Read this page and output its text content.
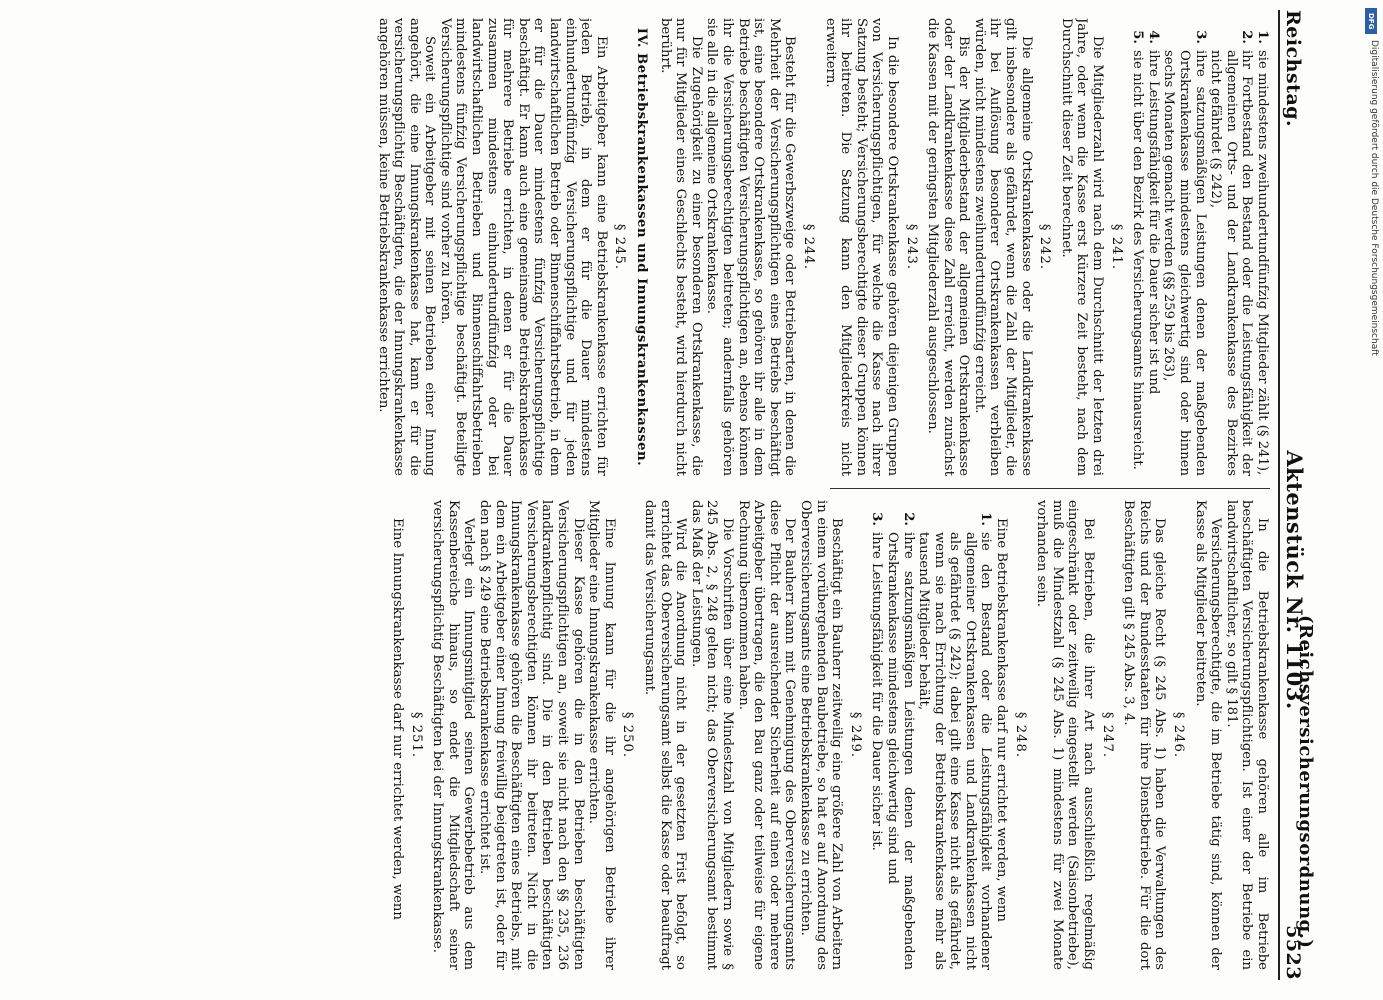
Reichstag.
Aktenstück Nr. 1103.
5523
(Reichsversicherungsordnung.)
1.
sie mindestens zweihundertundfünfzig Mitglieder zählt (§ 241),
2.
ihr Fortbestand den Bestand oder die Leistungsfähigkeit der allgemeinen Orts- und der Landkrankenkasse des Bezirkes nicht gefährdet (§ 242),
3.
ihre satzungsmäßigen Leistungen denen der maßgebenden Ortskrankenkasse mindestens gleichwertig sind oder binnen sechs Monaten gemacht werden (§§ 259 bis 263),
4.
ihre Leistungsfähigkeit für die Dauer sicher ist und
5.
sie nicht über den Bezirk des Versicherungsamts hinausreicht.
§ 241.

Die Mitgliederzahl wird nach dem Durchschnitt der letzten drei Jahre, oder wenn die Kasse erst kürzere Zeit besteht, nach dem Durchschnitt dieser Zeit berechnet.

§ 242.

Die allgemeine Ortskrankenkasse oder die Landkrankenkasse gilt insbesondere als gefährdet, wenn die Zahl der Mitglieder, die ihr bei Auflösung besonderer Ortskrankenkassen verbleiben würden, nicht mindestens zweihundertundfünfzig erreicht.

Bis der Mitgliederbestand der allgemeinen Ortskrankenkasse oder der Landkrankenkasse diese Zahl erreicht, werden zunächst die Kassen mit der geringsten Mitgliederzahl ausgeschlossen.

§ 243.

In die besondere Ortskrankenkasse gehören diejenigen Gruppen von Versicherungspflichtigen, für welche die Kasse nach ihrer Satzung besteht; Versicherungsberechtigte dieser Gruppen können ihr beitreten. Die Satzung kann den Mitgliederkreis nicht erweitern.

§ 244.

Besteht für die Gewerbszweige oder Betriebsarten, in denen die Mehrheit der Versicherungspflichtigen eines Betriebs beschäftigt ist, eine besondere Ortskrankenkasse, so gehören ihr alle in dem Betriebe beschäftigten Versicherungspflichtigen an, ebenso können ihr die Versicherungsberechtigten beitreten; andernfalls gehören sie alle in die allgemeine Ortskrankenkasse.

Die Zugehörigkeit zu einer besonderen Ortskrankenkasse, die nur für Mitglieder eines Geschlechts besteht, wird hierdurch nicht berührt.

IV. Betriebskrankenkassen und Innungskrankenkassen.
§ 245.

Ein Arbeitgeber kann eine Betriebskrankenkasse errichten für jeden Betrieb, in dem er für die Dauer mindestens einhundertundfünfzig Versicherungspflichtige und für jeden landwirtschaftlichen Betrieb oder Binnenschiffahrtsbetrieb, in dem er für die Dauer mindestens fünfzig Versicherungspflichtige beschäftigt. Er kann auch eine gemeinsame Betriebskrankenkasse für mehrere Betriebe errichten, in denen er für die Dauer zusammen mindestens einhundertundfünfzig oder bei landwirtschaftlichen Betrieben und Binnenschiffahrtsbetrieben mindestens fünfzig Versicherungspflichtige beschäftigt. Beteiligte Versicherungspflichtige sind vorher zu hören.

Soweit ein Arbeitgeber mit seinen Betrieben einer Innung angehört, die eine Innungskrankenkasse hat, kann er für die versicherungspflichtig Beschäftigten, die der Innungskrankenkasse angehören müssen, keine Betriebskrankenkasse errichten.

In die Betriebskrankenkasse gehören alle im Betriebe beschäftigten Versicherungspflichtigen. Ist einer der Betriebe ein landwirtschaftlicher, so gilt § 181.

Versicherungsberechtigte, die im Betriebe tätig sind, können der Kasse als Mitglieder beitreten.

§ 246.

Das gleiche Recht (§ 245 Abs. 1) haben die Verwaltungen des Reichs und der Bundesstaaten für ihre Dienstbetriebe. Für die dort Beschäftigten gilt § 245 Abs. 3, 4.

§ 247.

Bei Betrieben, die ihrer Art nach ausschließlich regelmäßig eingeschränkt oder zeitweilig eingestellt werden (Saisonbetriebe), muß die Mindestzahl (§ 245 Abs. 1) mindestens für zwei Monate vorhanden sein.

§ 248.

Eine Betriebskrankenkasse darf nur errichtet werden, wenn

1.
sie den Bestand oder die Leistungsfähigkeit vorhandener allgemeiner Ortskrankenkassen und Landkrankenkassen nicht als gefährdet (§ 242); dabei gilt eine Kasse nicht als gefährdet, wenn sie nach Errichtung der Betriebskrankenkasse mehr als tausend Mitglieder behält,
2.
ihre satzungsmäßigen Leistungen denen der maßgebenden Ortskrankenkasse mindestens gleichwertig sind und
3.
ihre Leistungsfähigkeit für die Dauer sicher ist.
§ 249.

Beschäftigt ein Bauherr zeitweilig eine größere Zahl von Arbeitern in einem vorübergehenden Baubetriebe, so hat er auf Anordnung des Oberversicherungsamts eine Betriebskrankenkasse zu errichten.

Der Bauherr kann mit Genehmigung des Oberversicherungsamts diese Pflicht der ausreichender Sicherheit auf einen oder mehrere Arbeitgeber übertragen, die den Bau ganz oder teilweise für eigene Rechnung übernommen haben.

Die Vorschriften über eine Mindestzahl von Mitgliedern sowie § 245 Abs. 2, § 248 gelten nicht; das Oberversicherungsamt bestimmt das Maß der Leistungen.

Wird die Anordnung nicht in der gesetzten Frist befolgt, so errichtet das Oberversicherungsamt selbst die Kasse oder beauftragt damit das Versicherungsamt.

§ 250.

Eine Innung kann für die ihr angehörigen Betriebe ihrer Mitglieder eine Innungskrankenkasse errichten.

Dieser Kasse gehören die in den Betrieben beschäftigten Versicherungspflichtigen an, soweit sie nicht nach den §§ 235, 236 landkrankenpflichtig sind. Die in den Betrieben beschäftigten Versicherungsberechtigten können ihr beitreten. Nicht in die Innungskrankenkasse gehören die Beschäftigten eines Betriebs, mit dem ein Arbeitgeber einer Innung freiwillig beigetreten ist, oder für den nach § 249 eine Betriebskrankenkasse errichtet ist.

Verlegt ein Innungsmitglied seinen Gewerbebetrieb aus dem Kassenbereiche hinaus, so endet die Mitgliedschaft seiner versicherungspflichtig Beschäftigten bei der Innungskrankenkasse.

§ 251.

Eine Innungskrankenkasse darf nur errichtet werden, wenn

DFG
Digitalisierung gefördert durch die Deutsche Forschungsgemeinschaft
